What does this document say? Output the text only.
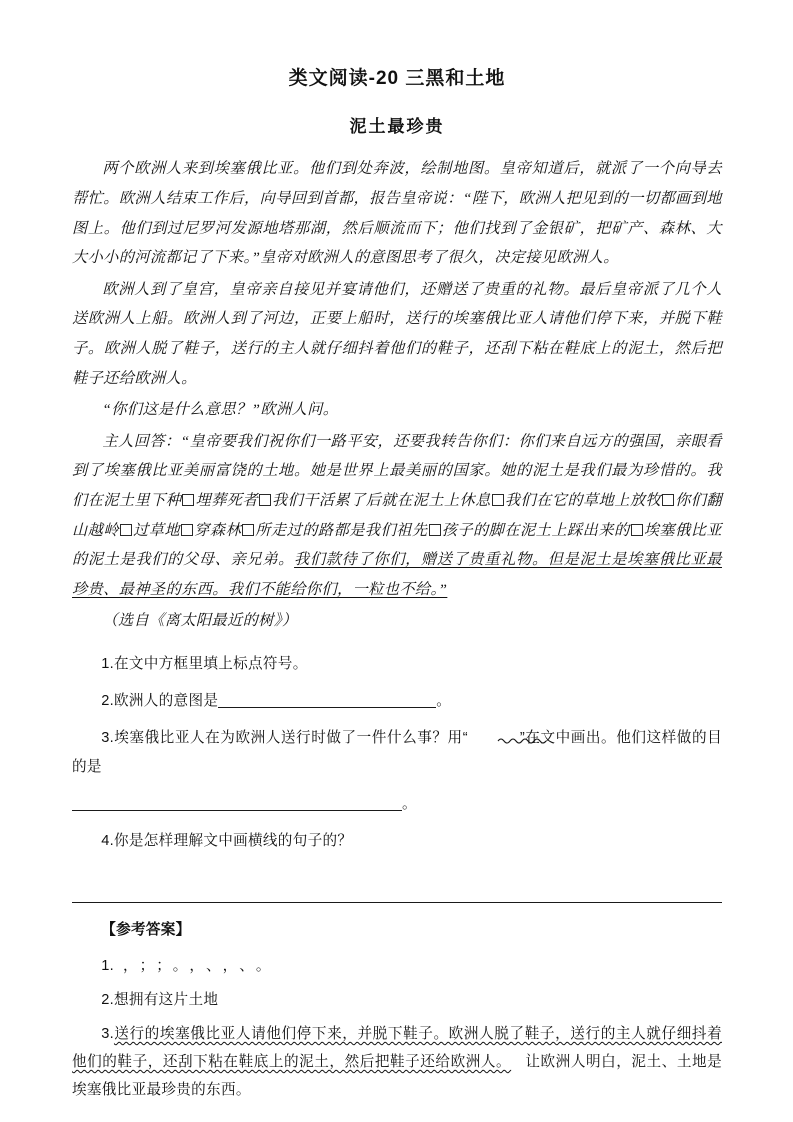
类文阅读-20 三黑和土地
泥土最珍贵

两个欧洲人来到埃塞俄比亚。他们到处奔波，绘制地图。皇帝知道后，就派了一个向导去帮忙。欧洲人结束工作后，向导回到首都，报告皇帝说：“陛下，欧洲人把见到的一切都画到地图上。他们到过尼罗河发源地塔那湖，然后顺流而下；他们找到了金银矿，把矿产、森林、大大小小的河流都记了下来。”皇帝对欧洲人的意图思考了很久，决定接见欧洲人。

欧洲人到了皇宫，皇帝亲自接见并宴请他们，还赠送了贵重的礼物。最后皇帝派了几个人送欧洲人上船。欧洲人到了河边，正要上船时，送行的埃塞俄比亚人请他们停下来，并脱下鞋子。欧洲人脱了鞋子，送行的主人就仔细抖着他们的鞋子，还刮下粘在鞋底上的泥土，然后把鞋子还给欧洲人。

“你们这是什么意思？”欧洲人问。

主人回答：“皇帝要我们祝你们一路平安，还要我转告你们：你们来自远方的强国，亲眼看到了埃塞俄比亚美丽富饶的土地。她是世界上最美丽的国家。她的泥土是我们最为珍惜的。我们在泥土里下种 埋葬死者 我们干活累了后就在泥土上休息 我们在它的草地上放牧 你们翻山越岭 过草地 穿森林 所走过的路都是我们祖先 孩子的脚在泥土上踩出来的 埃塞俄比亚的泥土是我们的父母、亲兄弟。我们款待了你们，赠送了贵重礼物。但是泥土是埃塞俄比亚最珍贵、最神圣的东西。我们不能给你们，一粒也不给。”

（选自《离太阳最近的树》）

1.在文中方框里填上标点符号。

2.欧洲人的意图是	。

3.埃塞俄比亚人在为欧洲人送行时做了一件什么事？用“	”在文中画出。他们这样做的目的是

。

4.你是怎样理解文中画横线的句子的？

【参考答案】

1. ， ； ； 。 ， 、 ， 、 。

2.想拥有这片土地

3.送行的埃塞俄比亚人请他们停下来，并脱下鞋子。欧洲人脱了鞋子，送行的主人就仔细抖着他们的鞋子，还刮下粘在鞋底上的泥土，然后把鞋子还给欧洲人。 让欧洲人明白，泥土、土地是埃塞俄比亚最珍贵的东西。
